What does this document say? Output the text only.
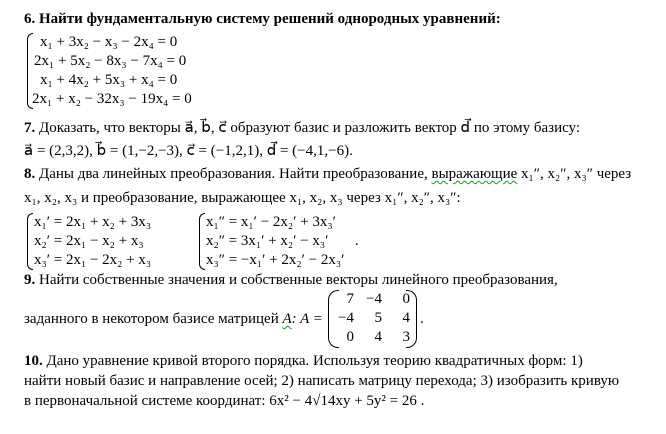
6. Найти фундаментальную систему решений однородных уравнений:
x₁ + 3x₂ − x₃ − 2x₄ = 0
2x₁ + 5x₂ − 8x₃ − 7x₄ = 0
x₁ + 4x₂ + 5x₃ + x₄ = 0
2x₁ + x₂ − 32x₃ − 19x₄ = 0
7. Доказать, что векторы a⃗, b⃗, c⃗ образуют базис и разложить вектор d⃗ по этому базису:
a⃗ = (2,3,2), b⃗ = (1,−2,−3), c⃗ = (−1,2,1), d⃗ = (−4,1,−6).
8. Даны два линейных преобразования. Найти преобразование, выражающие x₁″, x₂″, x₃″ через
x₁, x₂, x₃ и преобразование, выражающее x₁, x₂, x₃ через x₁″, x₂″, x₃″:
x₁′ = 2x₁ + x₂ + 3x₃
x₂′ = 2x₁ − x₂ + x₃
x₃′ = 2x₁ − 2x₂ + x₃
x₁″ = x₁′ − 2x₂′ + 3x₃′
x₂″ = 3x₁′ + x₂′ − x₃′
x₃″ = −x₁′ + 2x₂′ − 2x₃′
.
9. Найти собственные значения и собственные векторы линейного преобразования,
заданного в некотором базисе матрицей A: A =
7 −4	0
−4	5	4
0	4	3
.
10. Дано уравнение кривой второго порядка. Используя теорию квадратичных форм: 1)
найти новый базис и направление осей; 2) написать матрицу перехода; 3) изобразить кривую
в первоначальной системе координат: 6x² − 4√14xy + 5y² = 26 .
